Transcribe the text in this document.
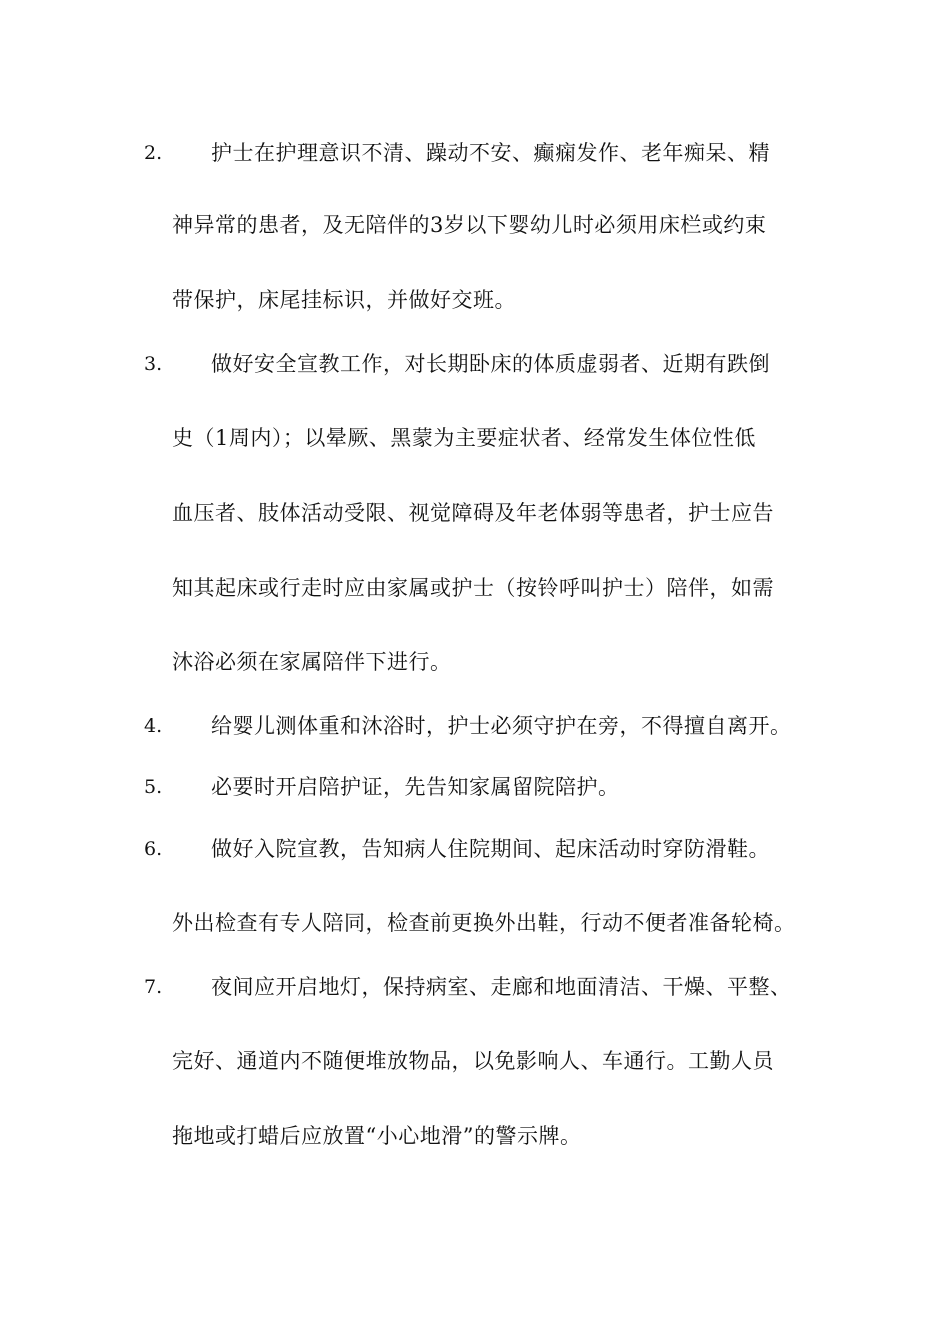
2. 护士在护理意识不清、躁动不安、癫痫发作、老年痴呆、精
神异常的患者，及无陪伴的3岁以下婴幼儿时必须用床栏或约束
带保护，床尾挂标识，并做好交班。
3. 做好安全宣教工作，对长期卧床的体质虚弱者、近期有跌倒
史（1周内）；以晕厥、黑蒙为主要症状者、经常发生体位性低
血压者、肢体活动受限、视觉障碍及年老体弱等患者，护士应告
知其起床或行走时应由家属或护士（按铃呼叫护士）陪伴，如需
沐浴必须在家属陪伴下进行。
4. 给婴儿测体重和沐浴时，护士必须守护在旁，不得擅自离开。
5. 必要时开启陪护证，先告知家属留院陪护。
6. 做好入院宣教，告知病人住院期间、起床活动时穿防滑鞋。
外出检查有专人陪同，检查前更换外出鞋，行动不便者准备轮椅。
7. 夜间应开启地灯，保持病室、走廊和地面清洁、干燥、平整、
完好、通道内不随便堆放物品，以免影响人、车通行。工勤人员
拖地或打蜡后应放置“小心地滑”的警示牌。
